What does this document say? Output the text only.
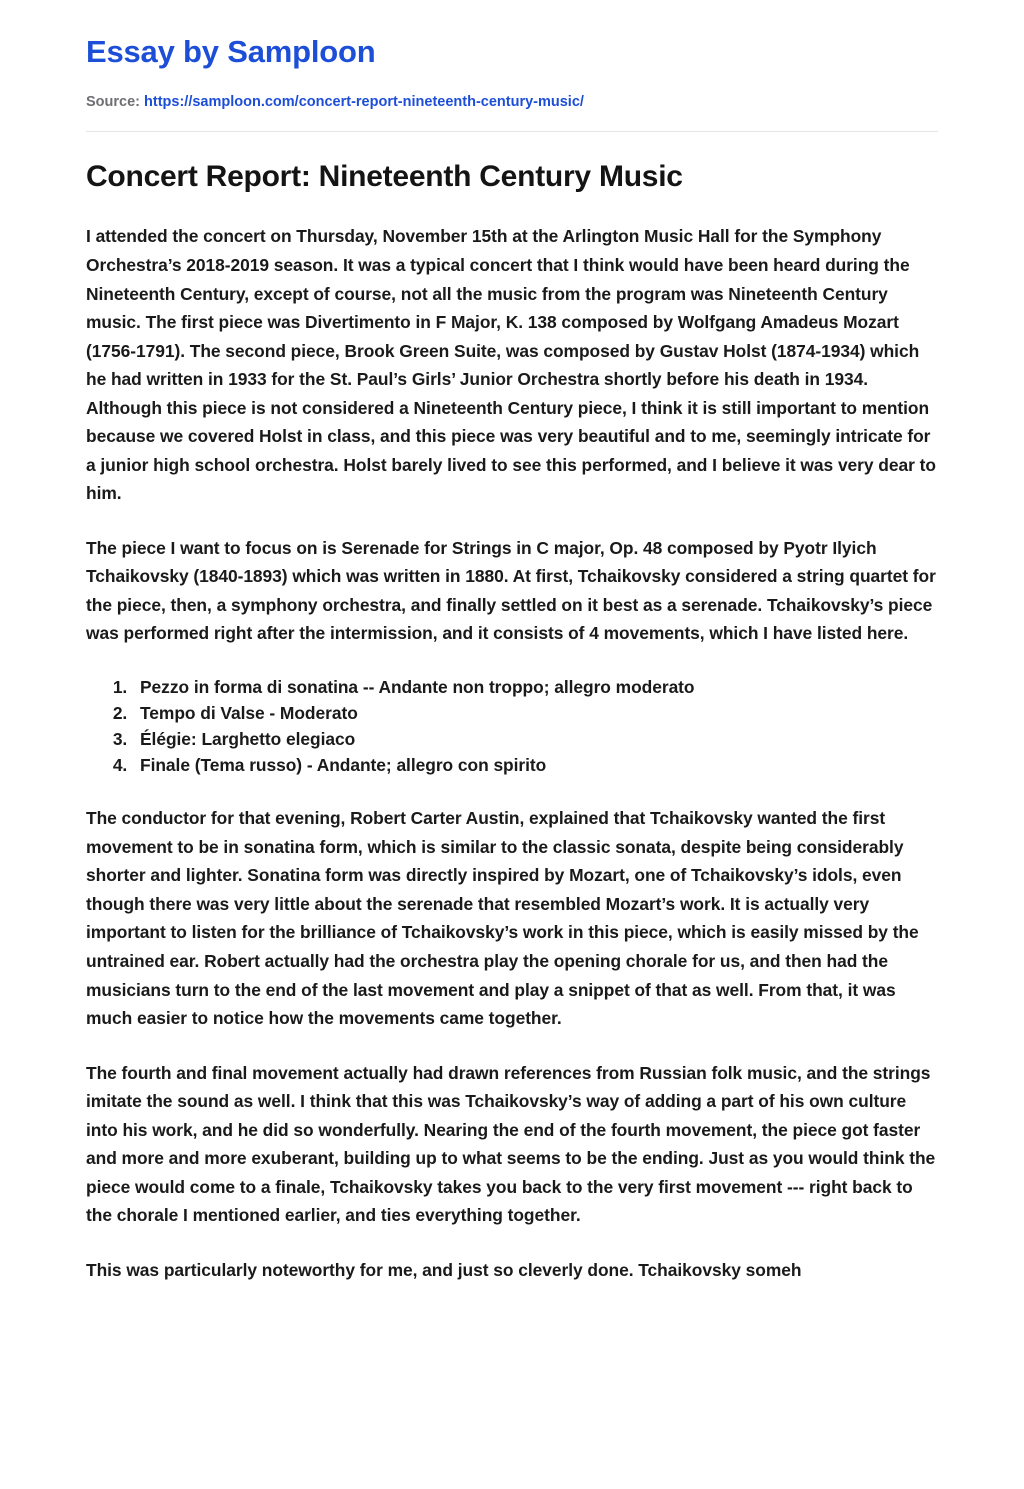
Essay by Samploon
Source: https://samploon.com/concert-report-nineteenth-century-music/
Concert Report: Nineteenth Century Music

I attended the concert on Thursday, November 15th at the Arlington Music Hall for the Symphony Orchestra’s 2018-2019 season. It was a typical concert that I think would have been heard during the Nineteenth Century, except of course, not all the music from the program was Nineteenth Century music. The first piece was Divertimento in F Major, K. 138 composed by Wolfgang Amadeus Mozart (1756-1791). The second piece, Brook Green Suite, was composed by Gustav Holst (1874-1934) which he had written in 1933 for the St. Paul’s Girls’ Junior Orchestra shortly before his death in 1934. Although this piece is not considered a Nineteenth Century piece, I think it is still important to mention because we covered Holst in class, and this piece was very beautiful and to me, seemingly intricate for a junior high school orchestra. Holst barely lived to see this performed, and I believe it was very dear to him.

The piece I want to focus on is Serenade for Strings in C major, Op. 48 composed by Pyotr Ilyich Tchaikovsky (1840-1893) which was written in 1880. At first, Tchaikovsky considered a string quartet for the piece, then, a symphony orchestra, and finally settled on it best as a serenade. Tchaikovsky’s piece was performed right after the intermission, and it consists of 4 movements, which I have listed here.

1. Pezzo in forma di sonatina -- Andante non troppo; allegro moderato
2. Tempo di Valse - Moderato
3. Élégie: Larghetto elegiaco
4. Finale (Tema russo) - Andante; allegro con spirito

The conductor for that evening, Robert Carter Austin, explained that Tchaikovsky wanted the first movement to be in sonatina form, which is similar to the classic sonata, despite being considerably shorter and lighter. Sonatina form was directly inspired by Mozart, one of Tchaikovsky’s idols, even though there was very little about the serenade that resembled Mozart’s work. It is actually very important to listen for the brilliance of Tchaikovsky’s work in this piece, which is easily missed by the untrained ear. Robert actually had the orchestra play the opening chorale for us, and then had the musicians turn to the end of the last movement and play a snippet of that as well. From that, it was much easier to notice how the movements came together.

The fourth and final movement actually had drawn references from Russian folk music, and the strings imitate the sound as well. I think that this was Tchaikovsky’s way of adding a part of his own culture into his work, and he did so wonderfully. Nearing the end of the fourth movement, the piece got faster and more and more exuberant, building up to what seems to be the ending. Just as you would think the piece would come to a finale, Tchaikovsky takes you back to the very first movement --- right back to the chorale I mentioned earlier, and ties everything together.

This was particularly noteworthy for me, and just so cleverly done. Tchaikovsky someh
